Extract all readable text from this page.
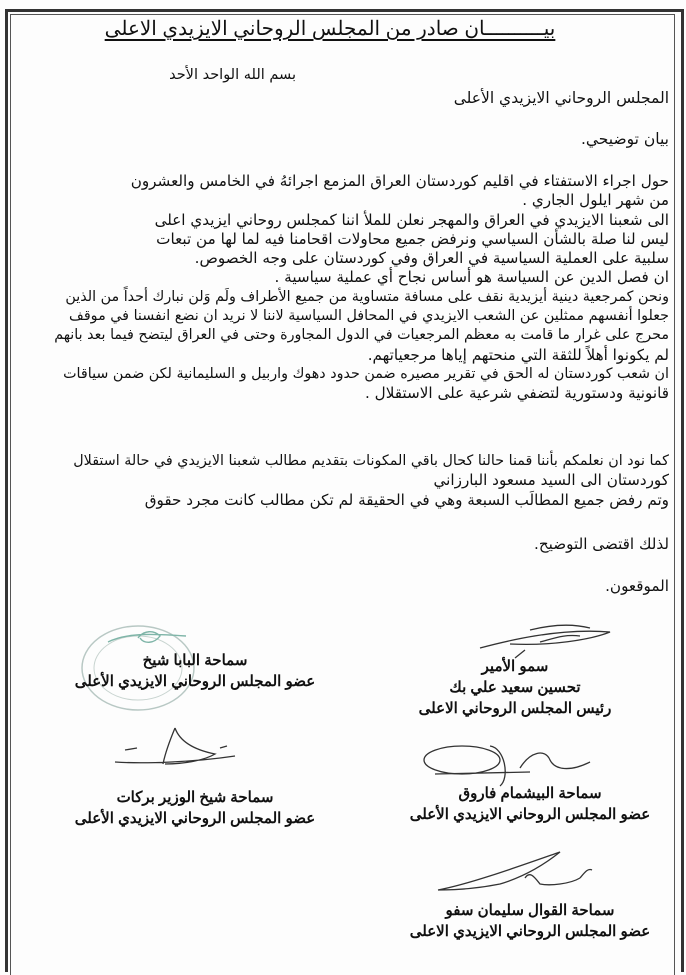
بيــــــــــان صادر من المجلس الروحاني الايزيدي الاعلى
بسم الله الواحد الأحد
المجلس الروحاني الايزيدي الأعلى
بيان توضيحي.
حول اجراء الاستفتاء في اقليم كوردستان العراق المزمع اجرائهُ في الخامس والعشرون
من شهر ايلول الجاري .
الى شعبنا الايزيدي في العراق والمهجر نعلن للملأ اننا كمجلس روحاني ايزيدي اعلى
ليس لنا صلة بالشأن السياسي ونرفض جميع محاولات اقحامنا فيه لما لها من تبعات
سلبية على العملية السياسية في العراق وفي كوردستان على وجه الخصوص.
ان فصل الدين عن السياسة هو أساس نجاح أي عملية سياسية .
ونحن كمرجعية دينية أيزيدية نقف على مسافة متساوية من جميع الأطراف ولَم وَلن نبارك أحداً من الذين
جعلوا أنفسهم ممثلين عن الشعب الايزيدي في المحافل السياسية لاننا لا نريد ان نضع انفسنا في موقف
محرج على غرار ما قامت به معظم المرجعيات في الدول المجاورة وحتى في العراق ليتضح فيما بعد بانهم
لم يكونوا أهلاً للثقة التي منحتهم إياها مرجعياتهم.
ان شعب كوردستان له الحق في تقرير مصيره ضمن حدود دهوك واربيل و السليمانية لكن ضمن سياقات
قانونية ودستورية لتضفي شرعية على الاستقلال .
كما نود ان نعلمكم بأننا قمنا حالنا كحال باقي المكونات بتقديم مطالب شعبنا الايزيدي في حالة استقلال
كوردستان الى السيد مسعود البارزاني
وتم رفض جميع المطالَب السبعة وهي في الحقيقة لم تكن مطالب كانت مجرد حقوق
لذلك اقتضى التوضيح.
الموقعون.
سمو الأمير
تحسين سعيد علي بك
رئيس المجلس الروحاني الاعلى
سماحة البابا شيخ
عضو المجلس الروحاني الايزيدي الأعلى
سماحة البيشمام فاروق
عضو المجلس الروحاني الايزيدي الأعلى
سماحة شيخ الوزير بركات
عضو المجلس الروحاني الايزيدي الأعلى
سماحة القوال سليمان سفو
عضو المجلس الروحاني الايزيدي الاعلى
